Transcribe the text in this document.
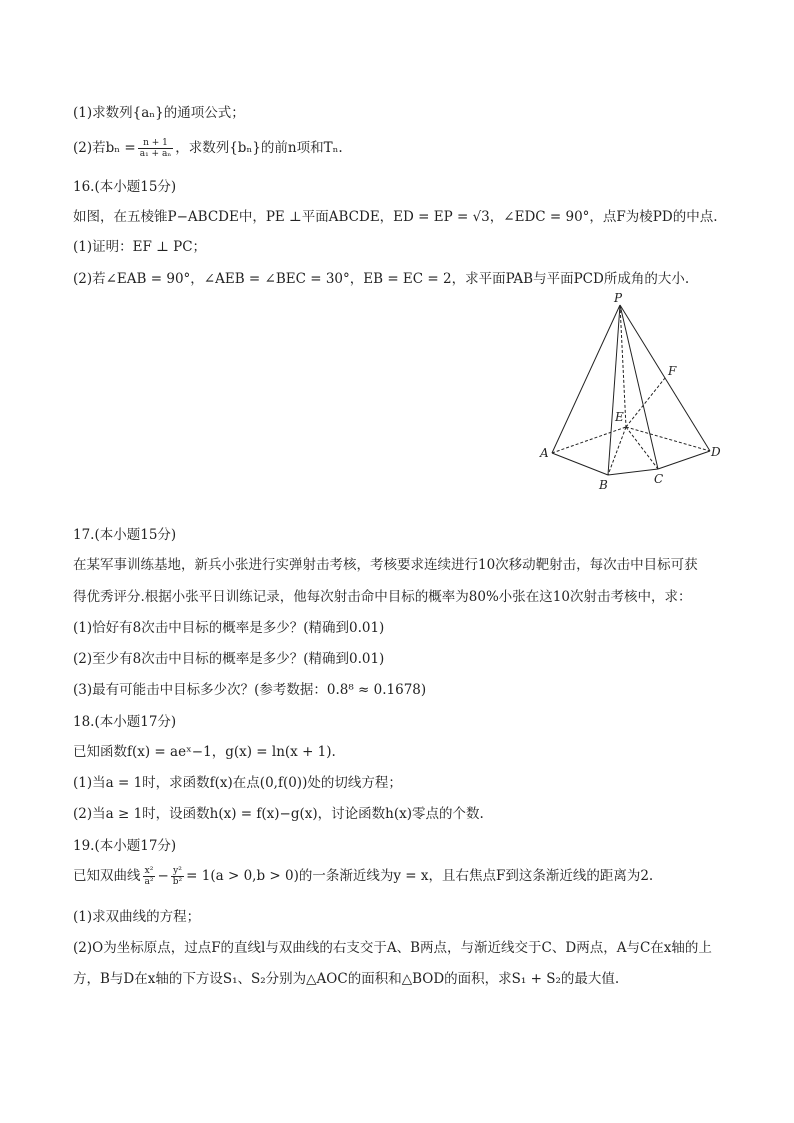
(1)求数列{aₙ}的通项公式；
(2)若$b_n = \frac{n + 1}{\text{a₁ + aₙ}}$ ，求数列{bₙ}的前n项和Tₙ.
16.(本小题15分)
如图，在五棱锥P−ABCDE中，PE ⊥平面ABCDE，ED = EP = √3，∠EDC = 90°，点F为棱PD的中点.
(1)证明：EF ⊥ PC；
(2)若∠EAB = 90°，∠AEB = ∠BEC = 30°，EB = EC = 2，求平面PAB与平面PCD所成角的大小.
P
F
E
A
B	C
D
17.(本小题15分)
在某军事训练基地，新兵小张进行实弹射击考核，考核要求连续进行10次移动靶射击，每次击中目标可获
得优秀评分.根据小张平日训练记录，他每次射击命中目标的概率为80%小张在这10次射击考核中，求：
(1)恰好有8次击中目标的概率是多少？(精确到0.01)
(2)至少有8次击中目标的概率是多少？(精确到0.01)
(3)最有可能击中目标多少次？(参考数据：0.8⁸ ≈ 0.1678)
18.(本小题17分)
已知函数f(x) = aeˣ−1，g(x) = ln(x + 1).
(1)当a = 1时，求函数f(x)在点(0,f(0))处的切线方程；
(2)当a ≥ 1时，设函数h(x) = f(x)−g(x)，讨论函数h(x)零点的个数.
19.(本小题17分)
已知双曲线 $\frac{\text{x²}}{\text{a²}} - \frac{\text{y²}}{\text{b²}} = 1(a > 0,b > 0)$的一条渐近线为y = x，且右焦点F到这条渐近线的距离为2.
(1)求双曲线的方程；
(2)O为坐标原点，过点F的直线l与双曲线的右支交于A、B两点，与渐近线交于C、D两点，A与C在x轴的上
方，B与D在x轴的下方设S₁、S₂分别为△AOC的面积和△BOD的面积，求S₁ + S₂的最大值.
